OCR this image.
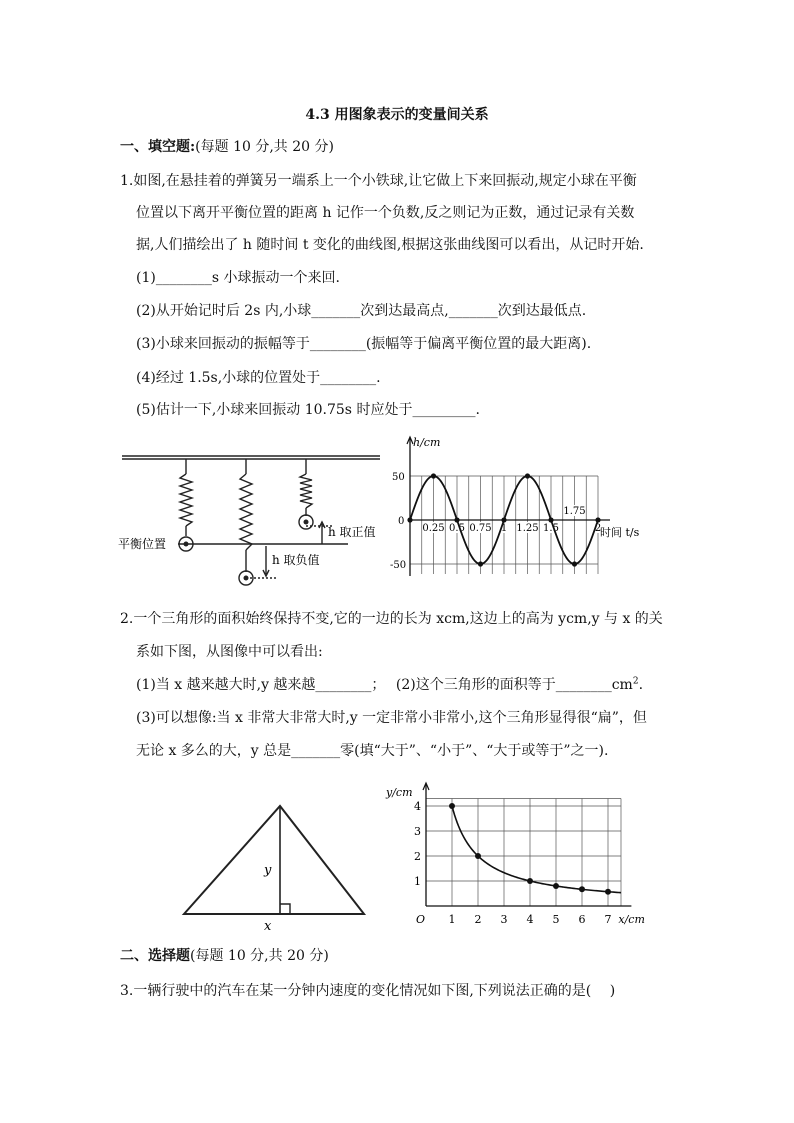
4.3 用图象表示的变量间关系
一、填空题:(每题 10 分,共 20 分)
1.如图,在悬挂着的弹簧另一端系上一个小铁球,让它做上下来回振动,规定小球在平衡
位置以下离开平衡位置的距离 h 记作一个负数,反之则记为正数，通过记录有关数
据,人们描绘出了 h 随时间 t 变化的曲线图,根据这张曲线图可以看出，从记时开始.
(1)________s 小球振动一个来回.
(2)从开始记时后 2s 内,小球_______次到达最高点,_______次到达最低点.
(3)小球来回振动的振幅等于________(振幅等于偏离平衡位置的最大距离).
(4)经过 1.5s,小球的位置处于________.
(5)估计一下,小球来回振动 10.75s 时应处于_________.
平衡位置
h 取正值
h 取负值
h/cm
50
0
-50
0.25 0.5 0.75 1 1.25 1.5
1.75
2
时间 t/s
2.一个三角形的面积始终保持不变,它的一边的长为 xcm,这边上的高为 ycm,y 与 x 的关
系如下图，从图像中可以看出:
(1)当 x 越来越大时,y 越来越________； (2)这个三角形的面积等于$\_\_\_\_\_\_\_\_cm^2$.
(3)可以想像:当 x 非常大非常大时,y 一定非常小非常小,这个三角形显得很“扁”，但
无论 x 多么的大，y 总是_______零(填“大于”、“小于”、“大于或等于”之一).
y
x
y/cm
O
1
2
3
4
1 2 3 4 5 6 7 x/cm
二、选择题(每题 10 分,共 20 分)
3.一辆行驶中的汽车在某一分钟内速度的变化情况如下图,下列说法正确的是(　 )
